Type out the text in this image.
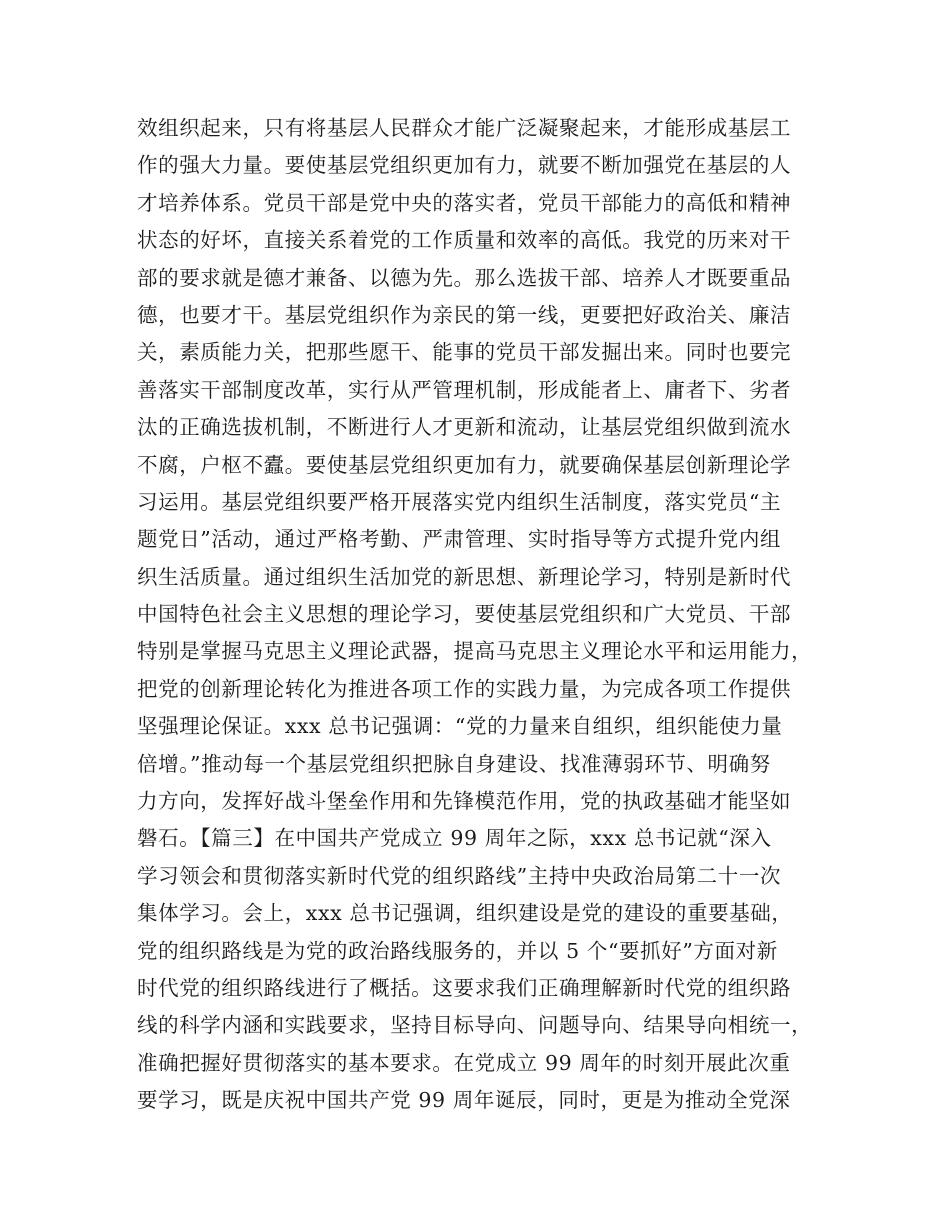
效组织起来，只有将基层人民群众才能广泛凝聚起来，才能形成基层工
作的强大力量。要使基层党组织更加有力，就要不断加强党在基层的人
才培养体系。党员干部是党中央的落实者，党员干部能力的高低和精神
状态的好坏，直接关系着党的工作质量和效率的高低。我党的历来对干
部的要求就是德才兼备、以德为先。那么选拔干部、培养人才既要重品
德，也要才干。基层党组织作为亲民的第一线，更要把好政治关、廉洁
关，素质能力关，把那些愿干、能事的党员干部发掘出来。同时也要完
善落实干部制度改革，实行从严管理机制，形成能者上、庸者下、劣者
汰的正确选拔机制，不断进行人才更新和流动，让基层党组织做到流水
不腐，户枢不蠹。要使基层党组织更加有力，就要确保基层创新理论学
习运用。基层党组织要严格开展落实党内组织生活制度，落实党员“主
题党日”活动，通过严格考勤、严肃管理、实时指导等方式提升党内组
织生活质量。通过组织生活加党的新思想、新理论学习，特别是新时代
中国特色社会主义思想的理论学习，要使基层党组织和广大党员、干部
特别是掌握马克思主义理论武器，提高马克思主义理论水平和运用能力，
把党的创新理论转化为推进各项工作的实践力量，为完成各项工作提供
坚强理论保证。xxx 总书记强调：“党的力量来自组织，组织能使力量
倍增。”推动每一个基层党组织把脉自身建设、找准薄弱环节、明确努
力方向，发挥好战斗堡垒作用和先锋模范作用，党的执政基础才能坚如
磐石。【篇三】在中国共产党成立 99 周年之际，xxx 总书记就“深入
学习领会和贯彻落实新时代党的组织路线”主持中央政治局第二十一次
集体学习。会上，xxx 总书记强调，组织建设是党的建设的重要基础，
党的组织路线是为党的政治路线服务的，并以 5 个“要抓好”方面对新
时代党的组织路线进行了概括。这要求我们正确理解新时代党的组织路
线的科学内涵和实践要求，坚持目标导向、问题导向、结果导向相统一，
准确把握好贯彻落实的基本要求。在党成立 99 周年的时刻开展此次重
要学习，既是庆祝中国共产党 99 周年诞辰，同时，更是为推动全党深
